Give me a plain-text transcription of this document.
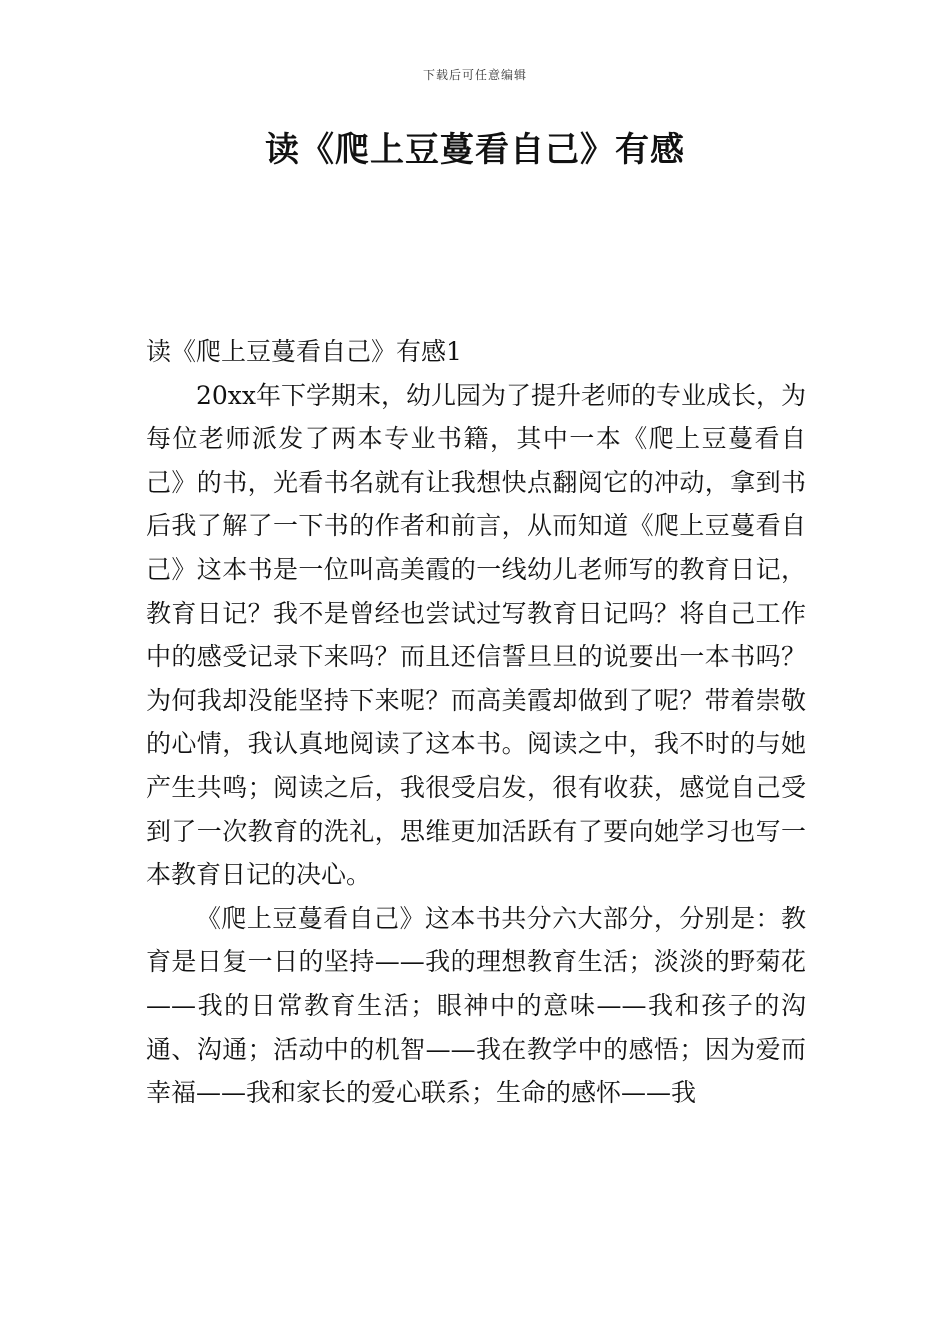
下载后可任意编辑
读《爬上豆蔓看自己》有感

读《爬上豆蔓看自己》有感1

20xx年下学期末，幼儿园为了提升老师的专业成长，为每位老师派发了两本专业书籍，其中一本《爬上豆蔓看自己》的书，光看书名就有让我想快点翻阅它的冲动，拿到书后我了解了一下书的作者和前言，从而知道《爬上豆蔓看自己》这本书是一位叫高美霞的一线幼儿老师写的教育日记，教育日记？我不是曾经也尝试过写教育日记吗？将自己工作中的感受记录下来吗？而且还信誓旦旦的说要出一本书吗？为何我却没能坚持下来呢？而高美霞却做到了呢？带着崇敬的心情，我认真地阅读了这本书。阅读之中，我不时的与她产生共鸣；阅读之后，我很受启发，很有收获，感觉自己受到了一次教育的洗礼，思维更加活跃有了要向她学习也写一本教育日记的决心。

《爬上豆蔓看自己》这本书共分六大部分，分别是：教育是日复一日的坚持——我的理想教育生活；淡淡的野菊花——我的日常教育生活；眼神中的意味——我和孩子的沟通、沟通；活动中的机智——我在教学中的感悟；因为爱而幸福——我和家长的爱心联系；生命的感怀——我
